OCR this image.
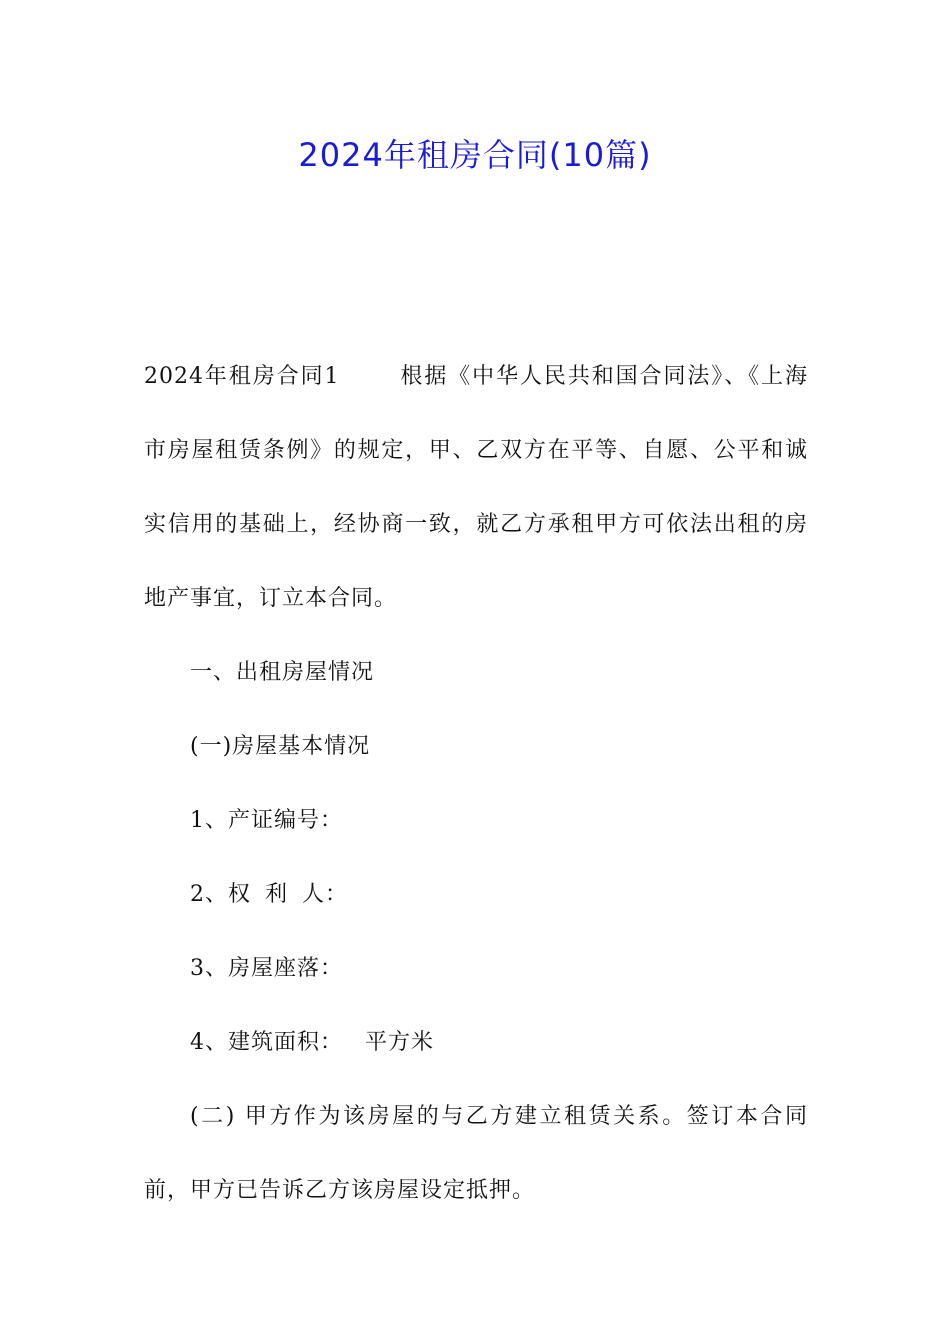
2024年租房合同(10篇)

2024年租房合同1	根据《中华人民共和国合同法》、《上海市房屋租赁条例》的规定，甲、乙双方在平等、自愿、公平和诚实信用的基础上，经协商一致，就乙方承租甲方可依法出租的房地产事宜，订立本合同。

一、出租房屋情况

(一)房屋基本情况

1、产证编号：

2、权 利 人：

3、房屋座落：

4、建筑面积： 平方米

(二) 甲方作为该房屋的与乙方建立租赁关系。签订本合同前，甲方已告诉乙方该房屋设定抵押。
